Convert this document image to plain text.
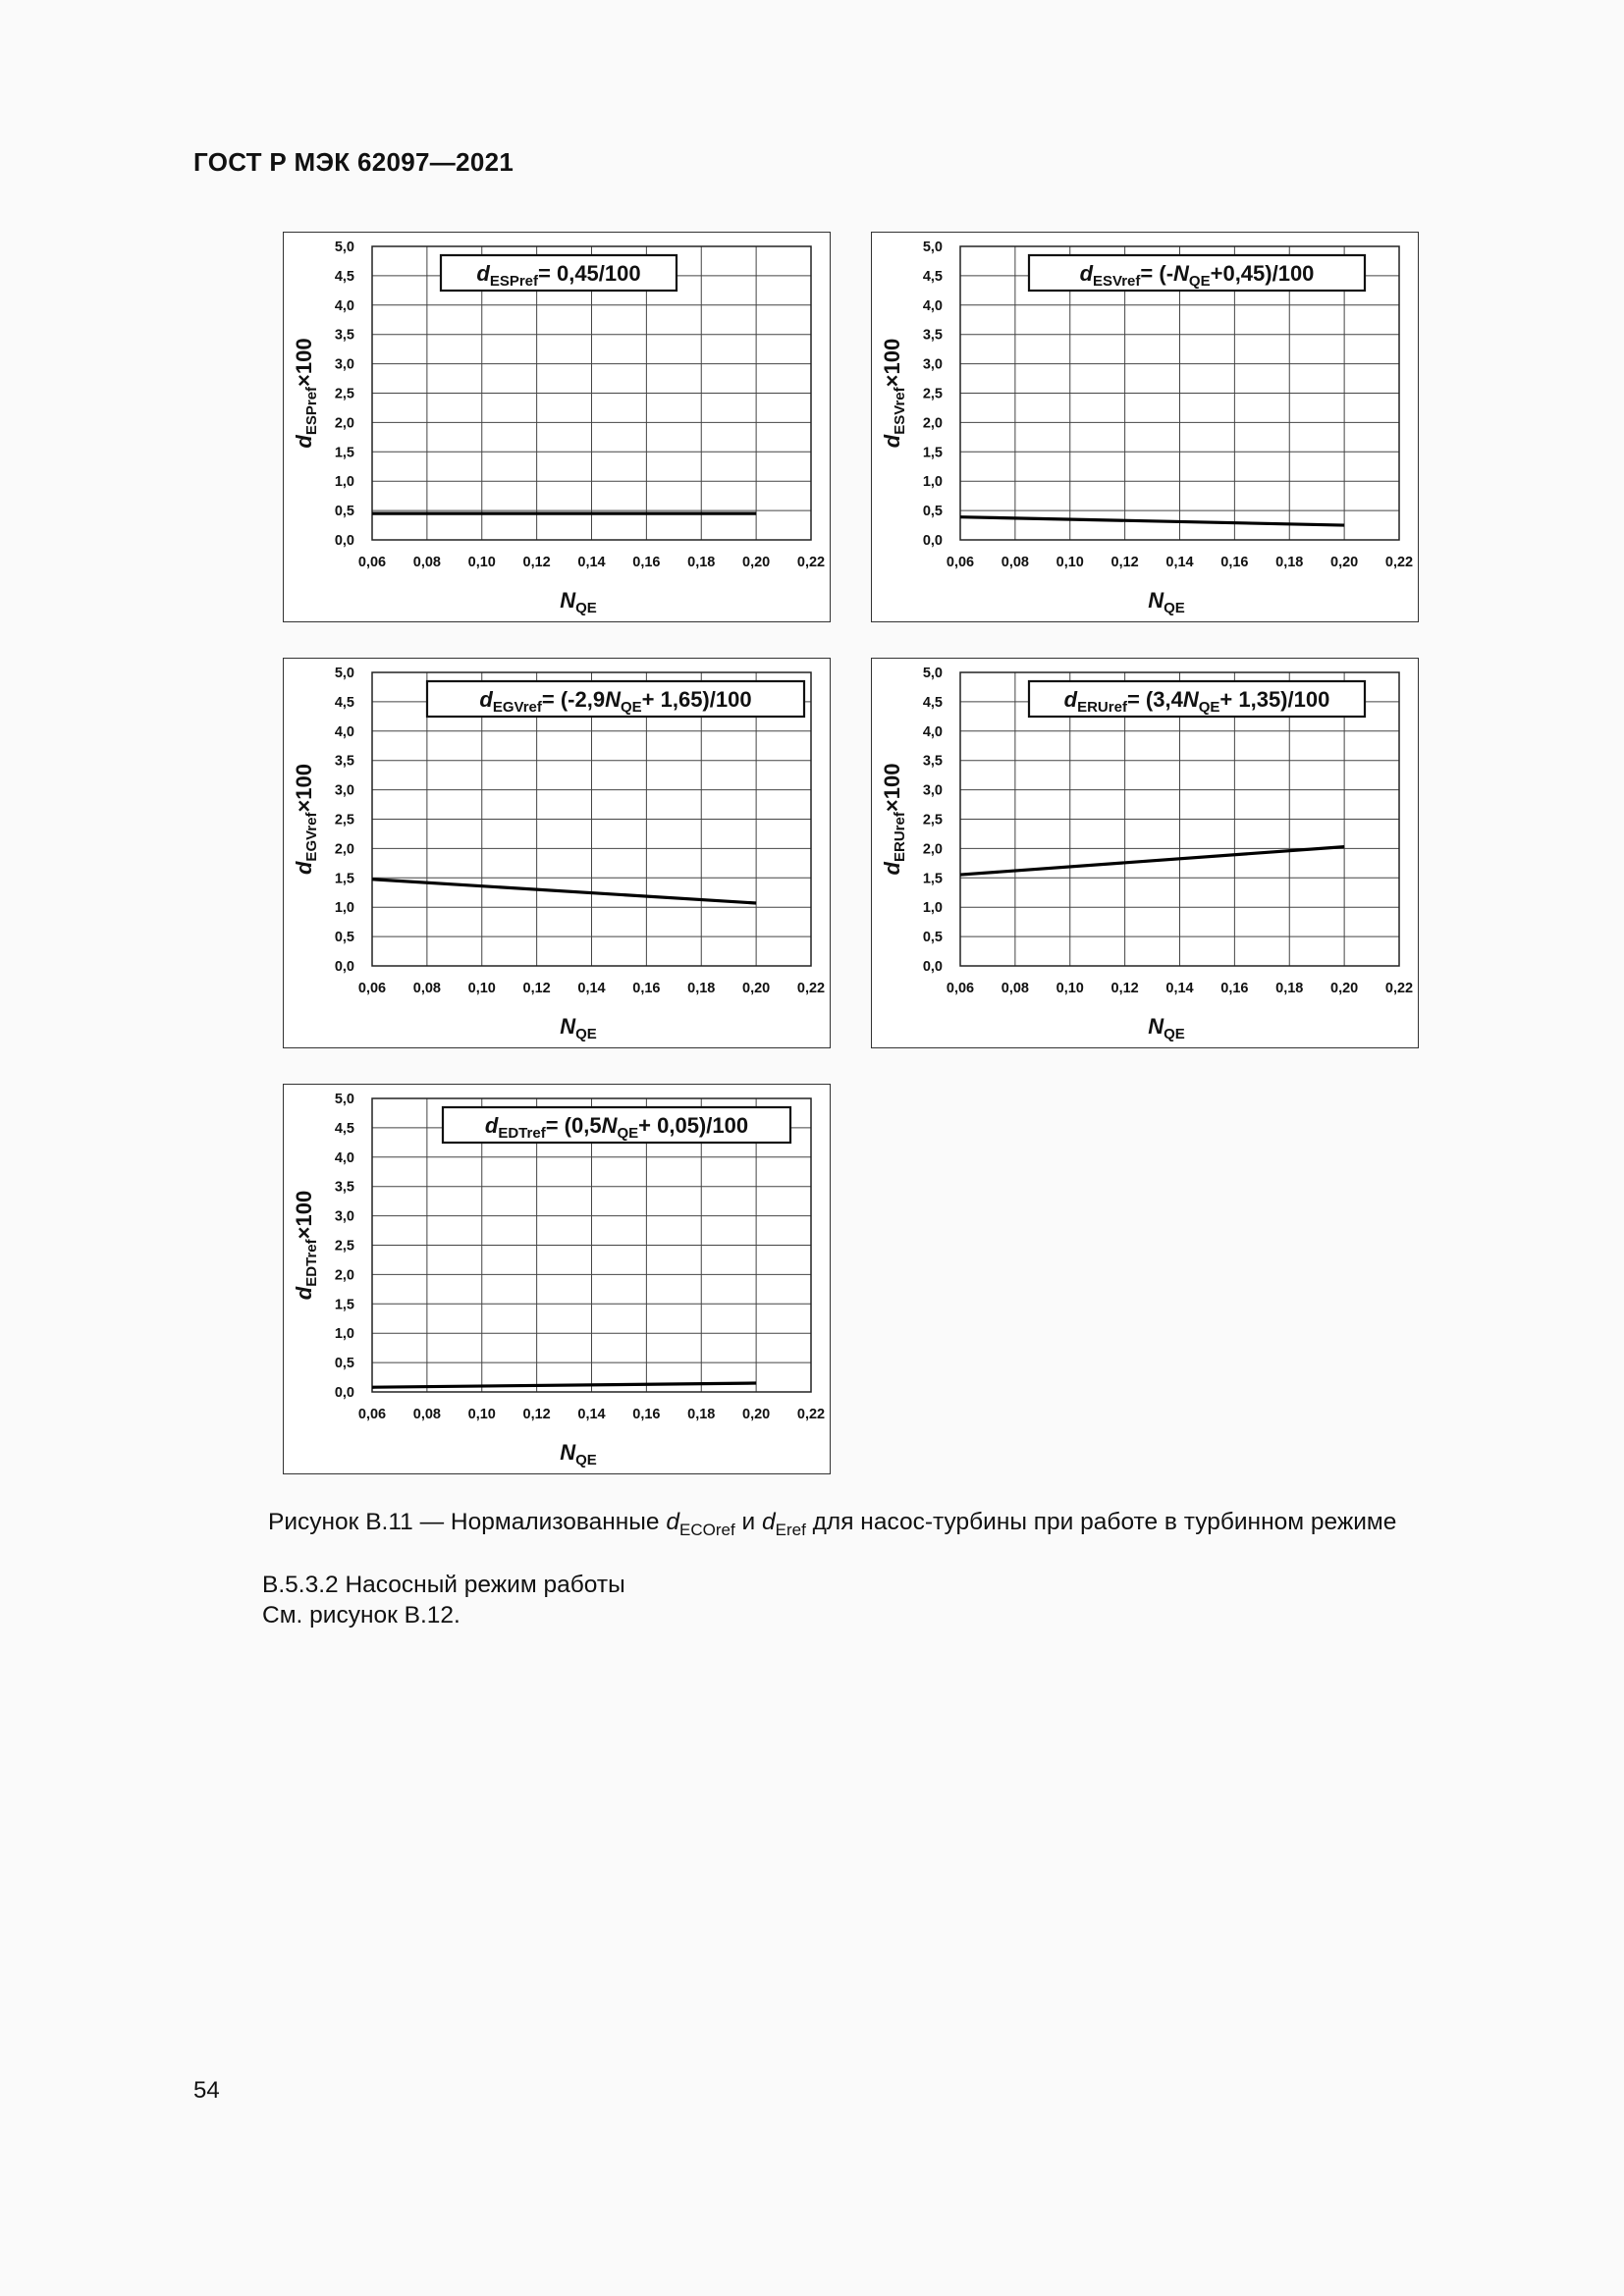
ГОСТ Р МЭК 62097—2021
0,0
0,5
1,0
1,5
2,0
2,5
3,0
3,5
4,0
4,5
5,0
0,06 0,08 0,10 0,12 0,14 0,16 0,18 0,20 0,22
$d_{ESPref}= 0,45/100$
$d_{ESPref}\times 100$
$N_{QE}$
0,0
0,5
1,0
1,5
2,0
2,5
3,0
3,5
4,0
4,5
5,0
0,06 0,08 0,10 0,12 0,14 0,16 0,18 0,20 0,22
$d_{ESVref}= (-N_{QE}+0,45)/100$
$d_{ESVref}\times 100$
$N_{QE}$
0,0
0,5
1,0
1,5
2,0
2,5
3,0
3,5
4,0
4,5
5,0
0,06 0,08 0,10 0,12 0,14 0,16 0,18 0,20 0,22
$d_{EGVref}= (-2,9N_{QE}+ 1,65)/100$
$d_{EGVref}\times 100$
$N_{QE}$
0,0
0,5
1,0
1,5
2,0
2,5
3,0
3,5
4,0
4,5
5,0
0,06 0,08 0,10 0,12 0,14 0,16 0,18 0,20 0,22
$d_{ERUref}= (3,4N_{QE}+ 1,35)/100$
$d_{ERUref}\times 100$
$N_{QE}$
0,0
0,5
1,0
1,5
2,0
2,5
3,0
3,5
4,0
4,5
5,0
0,06 0,08 0,10 0,12 0,14 0,16 0,18 0,20 0,22
$d_{EDTref}= (0,5N_{QE}+ 0,05)/100$
$d_{EDTref}\times 100$
$N_{QE}$
Рисунок В.11 — Нормализованные $d_{ECOref}$ и $d_{Eref}$ для насос-турбины при работе в турбинном режиме
В.5.3.2 Насосный режим работы
См. рисунок В.12.
54
